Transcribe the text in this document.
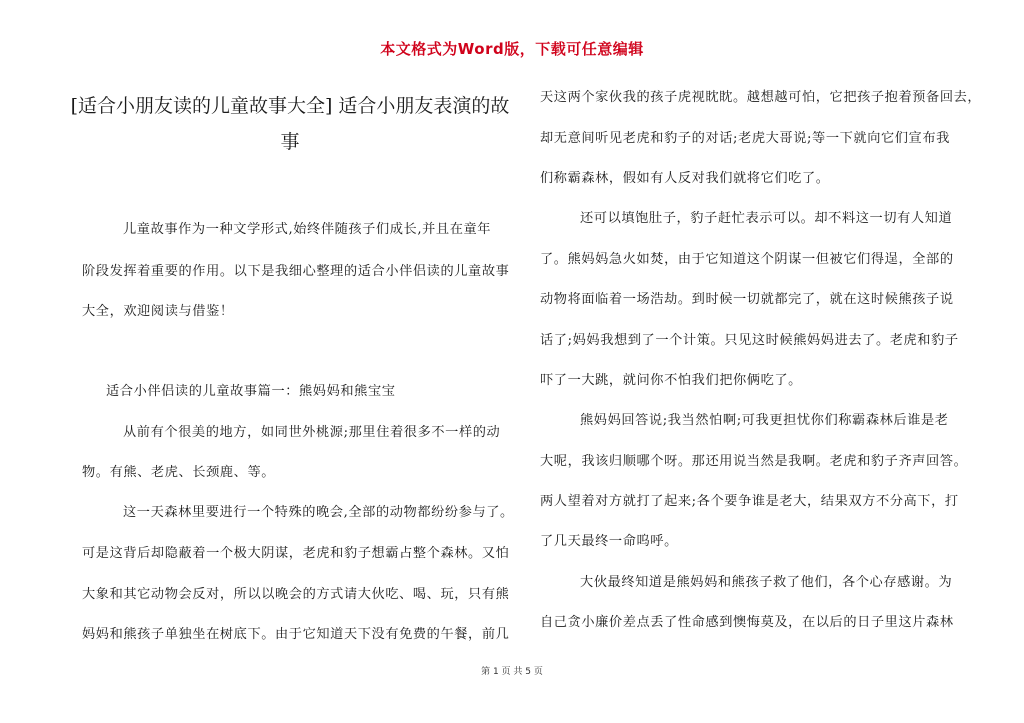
本文格式为Word版，下载可任意编辑
[适合小朋友读的儿童故事大全] 适合小朋友表演的故
事
儿童故事作为一种文学形式,始终伴随孩子们成长,并且在童年
阶段发挥着重要的作用。以下是我细心整理的适合小伴侣读的儿童故事
大全，欢迎阅读与借鉴！
适合小伴侣读的儿童故事篇一：熊妈妈和熊宝宝
从前有个很美的地方，如同世外桃源;那里住着很多不一样的动
物。有熊、老虎、长颈鹿、等。
这一天森林里要进行一个特殊的晚会,全部的动物都纷纷参与了。
可是这背后却隐蔽着一个极大阴谋，老虎和豹子想霸占整个森林。又怕
大象和其它动物会反对，所以以晚会的方式请大伙吃、喝、玩，只有熊
妈妈和熊孩子单独坐在树底下。由于它知道天下没有免费的午餐，前几
天这两个家伙我的孩子虎视眈眈。越想越可怕，它把孩子抱着预备回去，
却无意间听见老虎和豹子的对话;老虎大哥说;等一下就向它们宣布我
们称霸森林，假如有人反对我们就将它们吃了。
还可以填饱肚子，豹子赶忙表示可以。却不料这一切有人知道
了。熊妈妈急火如焚，由于它知道这个阴谋一但被它们得逞，全部的
动物将面临着一场浩劫。到时候一切就都完了，就在这时候熊孩子说
话了;妈妈我想到了一个计策。只见这时候熊妈妈进去了。老虎和豹子
吓了一大跳，就问你不怕我们把你俩吃了。
熊妈妈回答说;我当然怕啊;可我更担忧你们称霸森林后谁是老
大呢，我该归顺哪个呀。那还用说当然是我啊。老虎和豹子齐声回答。
两人望着对方就打了起来;各个要争谁是老大，结果双方不分高下，打
了几天最终一命呜呼。
大伙最终知道是熊妈妈和熊孩子救了他们，各个心存感谢。为
自己贪小廉价差点丢了性命感到懊悔莫及，在以后的日子里这片森林
第 1 页 共 5 页
